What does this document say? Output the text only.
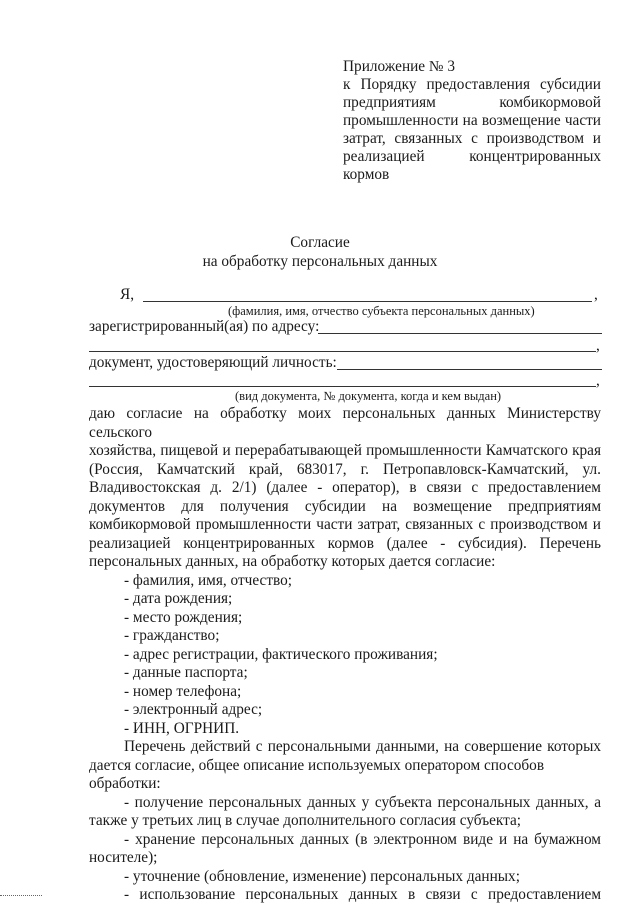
Приложение № 3
к Порядку предоставления субсидии
предприятиям комбикормовой
промышленности на возмещение части
затрат, связанных с производством и
реализацией концентрированных
кормов
Согласие
на обработку персональных данных
Я,	,
(фамилия, имя, отчество субъекта персональных данных)
зарегистрированный(ая) по адресу:
,
документ, удостоверяющий личность:
,
(вид документа, № документа, когда и кем выдан)

даю согласие на обработку моих персональных данных Министерству сельского

хозяйства, пищевой и перерабатывающей промышленности Камчатского края

(Россия, Камчатский край, 683017, г. Петропавловск-Камчатский, ул.

Владивостокская д. 2/1) (далее - оператор), в связи с предоставлением

документов для получения субсидии на возмещение предприятиям

комбикормовой промышленности части затрат, связанных с производством и

реализацией концентрированных кормов (далее - субсидия). Перечень

персональных данных, на обработку которых дается согласие:

- фамилия, имя, отчество;

- дата рождения;

- место рождения;

- гражданство;

- адрес регистрации, фактического проживания;

- данные паспорта;

- номер телефона;

- электронный адрес;

- ИНН, ОГРНИП.

Перечень действий с персональными данными, на совершение которых

дается согласие, общее описание используемых оператором способов обработки:

- получение персональных данных у субъекта персональных данных, а

также у третьих лиц в случае дополнительного согласия субъекта;

- хранение персональных данных (в электронном виде и на бумажном

носителе);

- уточнение (обновление, изменение) персональных данных;

- использование персональных данных в связи с предоставлением
